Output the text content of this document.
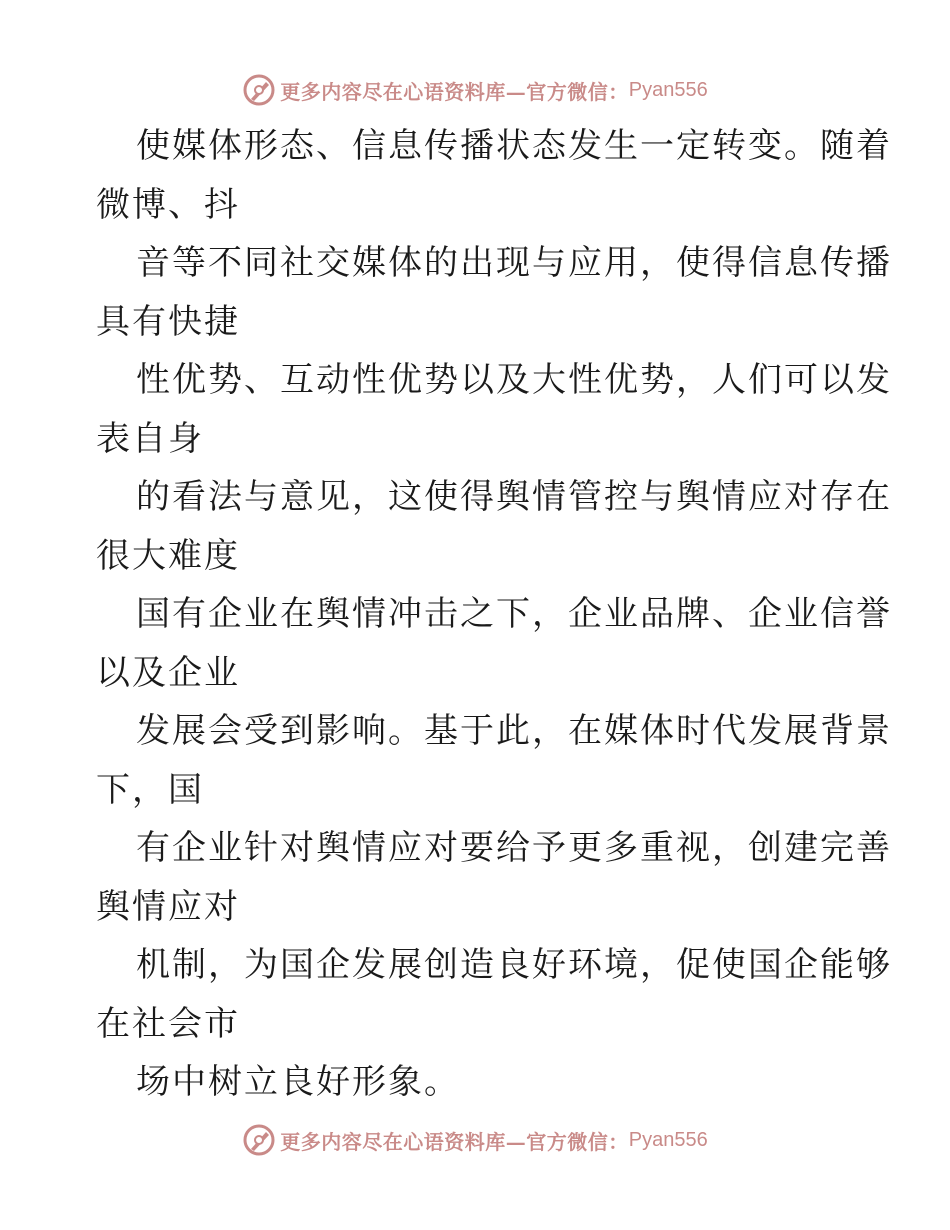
更多内容尽在心语资料库—官方微信： Pyan556
使媒体形态、信息传播状态发生一定转变。随着
微博、抖
音等不同社交媒体的出现与应用，使得信息传播
具有快捷
性优势、互动性优势以及大性优势，人们可以发
表自身
的看法与意见，这使得舆情管控与舆情应对存在
很大难度
国有企业在舆情冲击之下，企业品牌、企业信誉
以及企业
发展会受到影响。基于此，在媒体时代发展背景
下，国
有企业针对舆情应对要给予更多重视，创建完善
舆情应对
机制，为国企发展创造良好环境，促使国企能够
在社会市
场中树立良好形象。
更多内容尽在心语资料库—官方微信： Pyan556
